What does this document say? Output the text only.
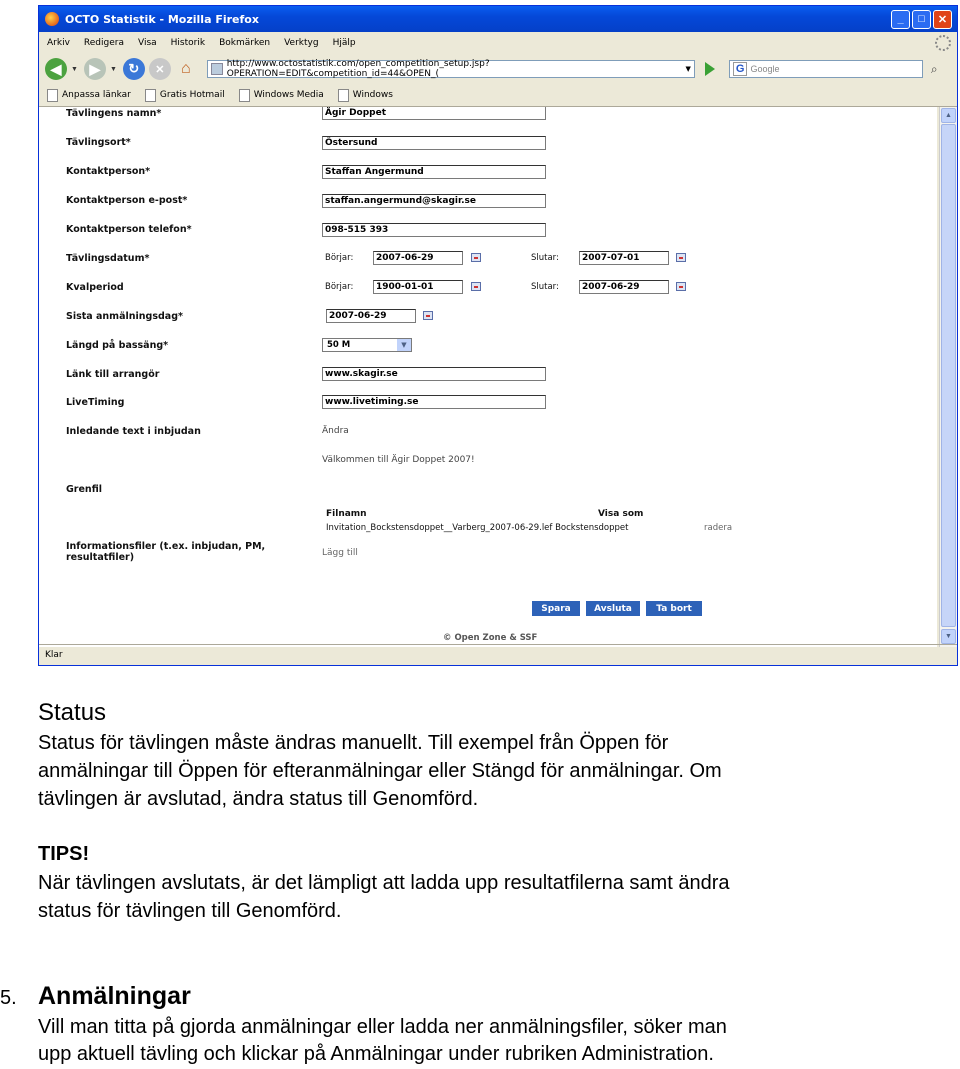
OCTO Statistik - Mozilla Firefox	_	□	✕
Arkiv Redigera Visa Historik Bokmärken Verktyg Hjälp
◀	▼ ▶	▼ ↻	✕	⌂	http://www.octostatistik.com/open_competition_setup.jsp?OPERATION=EDIT&competition_id=44&OPEN_(	▼	G Google	⌕
Anpassa länkar	Gratis Hotmail	Windows Media	Windows
Tävlingens namn*	Ägir Doppet
Tävlingsort*	Östersund
Kontaktperson*	Staffan Angermund
Kontaktperson e-post*	staffan.angermund@skagir.se
Kontaktperson telefon*	098-515 393
Tävlingsdatum*	Börjar:	2007-06-29	Slutar:	2007-07-01
Kvalperiod	Börjar:	1900-01-01	Slutar:	2007-06-29
Sista anmälningsdag*	2007-06-29
Längd på bassäng*	50 M	▼
Länk till arrangör	www.skagir.se
LiveTiming	www.livetiming.se
Inledande text i inbjudan	Ändra
Välkommen till Ägir Doppet 2007!
Grenfil
Filnamn	Visa som
Invitation_Bockstensdoppet__Varberg_2007-06-29.lef Bockstensdoppet	radera
Informationsfiler (t.ex. inbjudan, PM,
resultatfiler)	Lägg till
Spara	Avsluta	Ta bort
© Open Zone & SSF
▲
▼
Klar
Status
Status för tävlingen måste ändras manuellt. Till exempel från Öppen för
anmälningar till Öppen för efteranmälningar eller Stängd för anmälningar. Om
tävlingen är avslutad, ändra status till Genomförd.
TIPS!
När tävlingen avslutats, är det lämpligt att ladda upp resultatfilerna samt ändra
status för tävlingen till Genomförd.
5. Anmälningar
Vill man titta på gjorda anmälningar eller ladda ner anmälningsfiler, söker man
upp aktuell tävling och klickar på Anmälningar under rubriken Administration.
